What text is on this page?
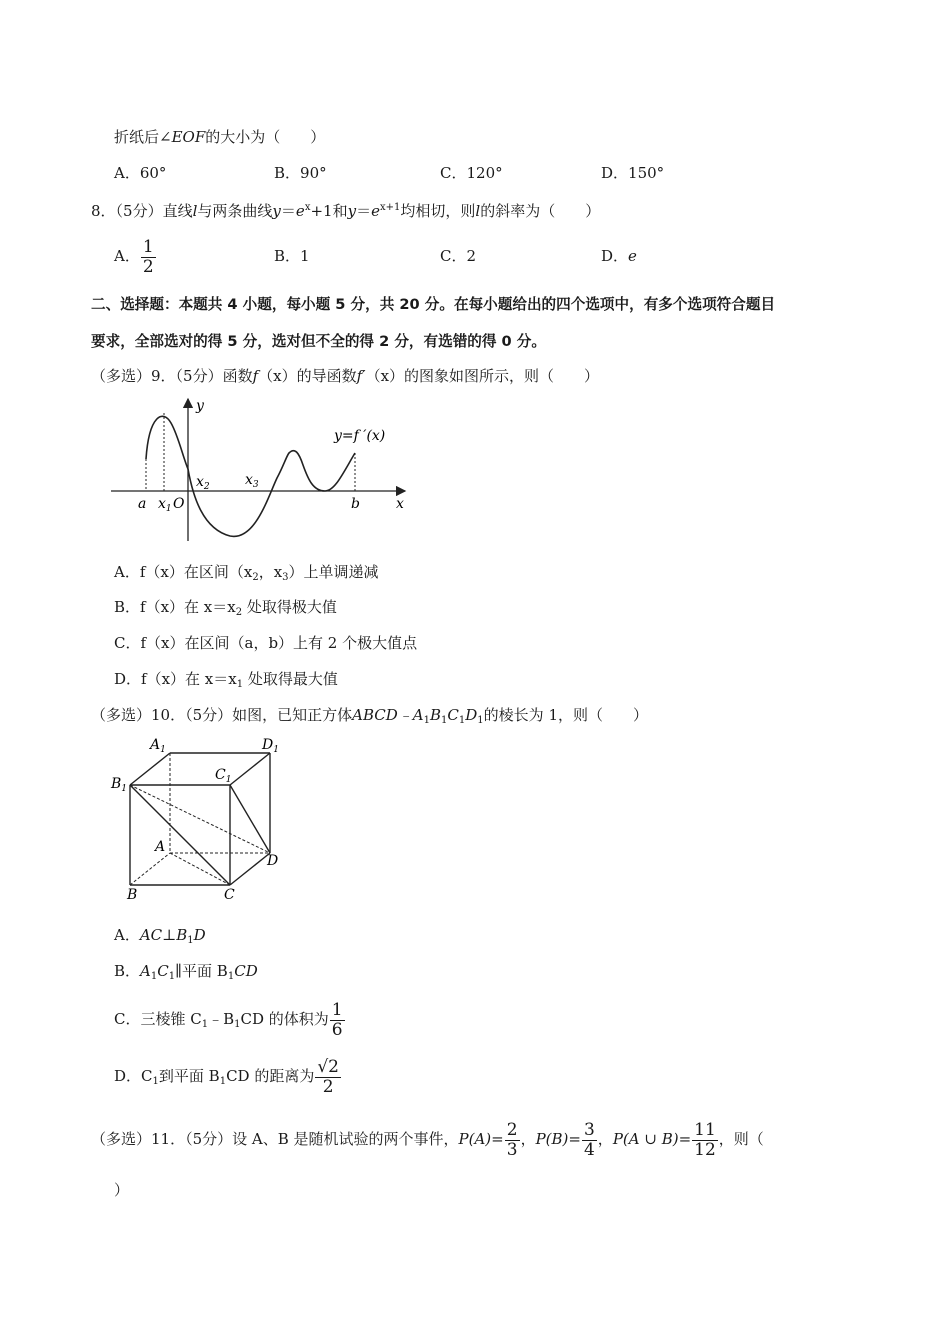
折纸后∠EOF的大小为（　　）
A．60°	B．90°	C．120°	D．150°
8．（5分）直线l与两条曲线$y=e^x+1$和$y=e^{x+1}$均相切，则l的斜率为（　　）
A． $\frac{1}{2}$	B．1	C．2	D．e
二、选择题：本题共 4 小题，每小题 5 分，共 20 分。在每小题给出的四个选项中，有多个选项符合题目
要求，全部选对的得 5 分，选对但不全的得 2 分，有选错的得 0 分。
（多选）9．（5分）函数f（x）的导函数f′（x）的图象如图所示，则（　　）
y
x
y=f ′(x)
a $x_1$ O
$x_2$	$x_3$
b
A．f（x）在区间（$x_2$，$x_3$）上单调递减
B．f（x）在 $x=x_2$ 处取得极大值
C．f（x）在区间（a，b）上有 2 个极大值点
D．f（x）在 $x=x_1$ 处取得最大值
（多选）10．（5分）如图，已知正方体$ABCD﹣A_1B_1C_1D_1$的棱长为 1，则（　　）
$A_1$	$D_1$
$C_1$
$B_1$
A
D
B	C
A．$AC\perp B_1D$
B．$A_1C_1\parallel$平面 $B_1CD$
C．三棱锥 $C_1﹣B_1CD$ 的体积为 $\frac{1}{6}$
D．$C_1$到平面 $B_1CD$ 的距离为 $\frac{√2}{2}$
（多选）11．（5分）设 A、B 是随机试验的两个事件，$P(A)= \frac{2}{3}$ ，$P(B)= \frac{3}{4}$ ，P(A ∪ $B)= \frac{11}{12}$ ，则（
）
